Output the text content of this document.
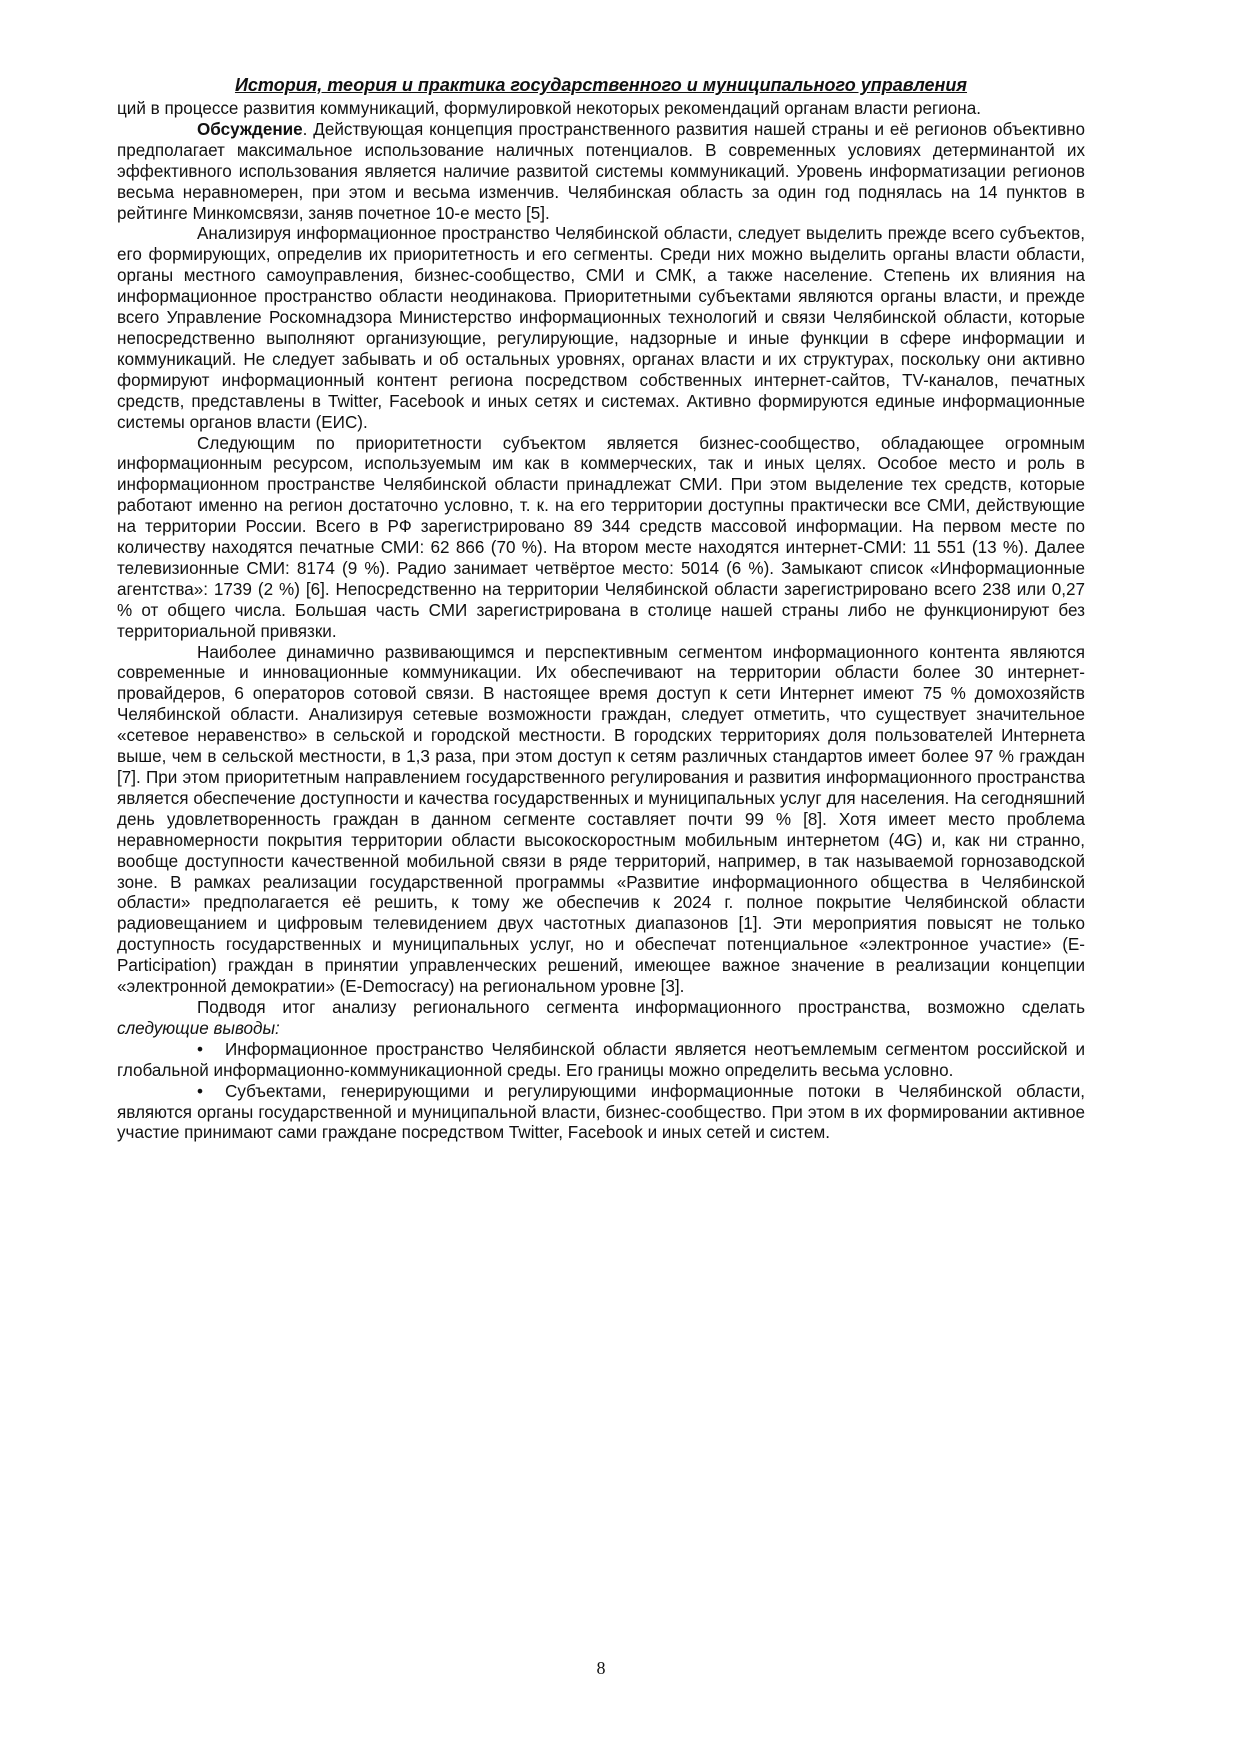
История, теория и практика государственного и муниципального управления

ций в процессе развития коммуникаций, формулировкой некоторых рекомендаций органам власти региона.

Обсуждение. Действующая концепция пространственного развития нашей страны и её регионов объективно предполагает максимальное использование наличных потенциалов. В современных условиях детерминантой их эффективного использования является наличие развитой системы коммуникаций. Уровень информатизации регионов весьма неравномерен, при этом и весьма изменчив. Челябинская область за один год поднялась на 14 пунктов в рейтинге Минкомсвязи, заняв почетное 10-е место [5].

Анализируя информационное пространство Челябинской области, следует выделить прежде всего субъектов, его формирующих, определив их приоритетность и его сегменты. Среди них можно выделить органы власти области, органы местного самоуправления, бизнес-сообщество, СМИ и СМК, а также население. Степень их влияния на информационное пространство области неодинакова. Приоритетными субъектами являются органы власти, и прежде всего Управление Роскомнадзора Министерство информационных технологий и связи Челябинской области, которые непосредственно выполняют организующие, регулирующие, надзорные и иные функции в сфере информации и коммуникаций. Не следует забывать и об остальных уровнях, органах власти и их структурах, поскольку они активно формируют информационный контент региона посредством собственных интернет-сайтов, TV-каналов, печатных средств, представлены в Twitter, Facebook и иных сетях и системах. Активно формируются единые информационные системы органов власти (ЕИС).

Следующим по приоритетности субъектом является бизнес-сообщество, обладающее огромным информационным ресурсом, используемым им как в коммерческих, так и иных целях. Особое место и роль в информационном пространстве Челябинской области принадлежат СМИ. При этом выделение тех средств, которые работают именно на регион достаточно условно, т. к. на его территории доступны практически все СМИ, действующие на территории России. Всего в РФ зарегистрировано 89 344 средств массовой информации. На первом месте по количеству находятся печатные СМИ: 62 866 (70 %). На втором месте находятся интернет-СМИ: 11 551 (13 %). Далее телевизионные СМИ: 8174 (9 %). Радио занимает четвёртое место: 5014 (6 %). Замыкают список «Информационные агентства»: 1739 (2 %) [6]. Непосредственно на территории Челябинской области зарегистрировано всего 238 или 0,27 % от общего числа. Большая часть СМИ зарегистрирована в столице нашей страны либо не функционируют без территориальной привязки.

Наиболее динамично развивающимся и перспективным сегментом информационного контента являются современные и инновационные коммуникации. Их обеспечивают на территории области более 30 интернет-провайдеров, 6 операторов сотовой связи. В настоящее время доступ к сети Интернет имеют 75 % домохозяйств Челябинской области. Анализируя сетевые возможности граждан, следует отметить, что существует значительное «сетевое неравенство» в сельской и городской местности. В городских территориях доля пользователей Интернета выше, чем в сельской местности, в 1,3 раза, при этом доступ к сетям различных стандартов имеет более 97 % граждан [7]. При этом приоритетным направлением государственного регулирования и развития информационного пространства является обеспечение доступности и качества государственных и муниципальных услуг для населения. На сегодняшний день удовлетворенность граждан в данном сегменте составляет почти 99 % [8]. Хотя имеет место проблема неравномерности покрытия территории области высокоскоростным мобильным интернетом (4G) и, как ни странно, вообще доступности качественной мобильной связи в ряде территорий, например, в так называемой горнозаводской зоне. В рамках реализации государственной программы «Развитие информационного общества в Челябинской области» предполагается её решить, к тому же обеспечив к 2024 г. полное покрытие Челябинской области радиовещанием и цифровым телевидением двух частотных диапазонов [1]. Эти мероприятия повысят не только доступность государственных и муниципальных услуг, но и обеспечат потенциальное «электронное участие» (E-Participation) граждан в принятии управленческих решений, имеющее важное значение в реализации концепции «электронной демократии» (E-Democracy) на региональном уровне [3].

Подводя итог анализу регионального сегмента информационного пространства, возможно сделать следующие выводы:

• Информационное пространство Челябинской области является неотъемлемым сегментом российской и глобальной информационно-коммуникационной среды. Его границы можно определить весьма условно.

• Субъектами, генерирующими и регулирующими информационные потоки в Челябинской области, являются органы государственной и муниципальной власти, бизнес-сообщество. При этом в их формировании активное участие принимают сами граждане посредством Twitter, Facebook и иных сетей и систем.

8
